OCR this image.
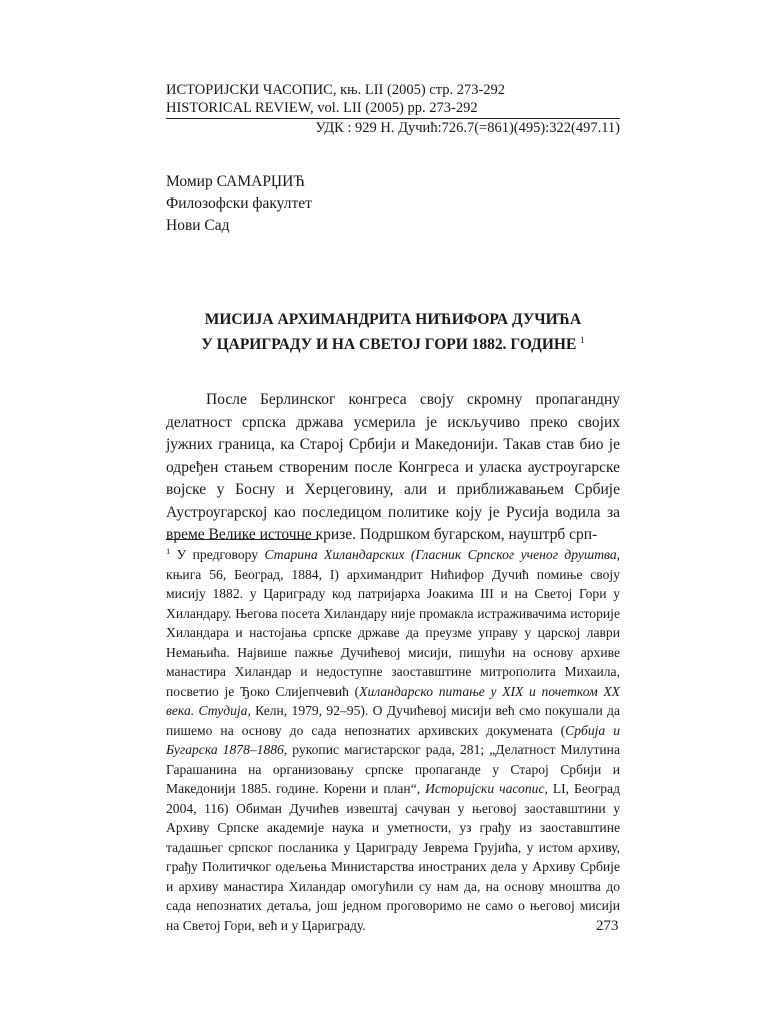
ИСТОРИЈСКИ ЧАСОПИС, књ. LII (2005) стр. 273-292
HISTORICAL REVIEW, vol. LII (2005) pp. 273-292
УДК : 929 Н. Дучић:726.7(=861)(495):322(497.11)
Момир САМАРЏИЋ
Филозофски факултет
Нови Сад
МИСИЈА АРХИМАНДРИТА НИЋИФОРА ДУЧИЋА
У ЦАРИГРАДУ И НА СВЕТОЈ ГОРИ 1882. ГОДИНЕ $^1$

После Берлинског конгреса своју скромну пропагандну делатност српска држава усмерила је искључиво преко својих јужних граница, ка Старој Србији и Македонији. Такав став био је одређен стањем створеним после Конгреса и уласка аустроугарске војске у Босну и Херцеговину, али и приближавањем Србије Аустроугарској као последицом политике коју је Русија водила за време Велике источне кризе. Подршком бугарском, науштрб срп-

$^1$ У предговору Старина Хиландарских (Гласник Српског ученог друштва, књига 56, Београд, 1884, I) архимандрит Нићифор Дучић помиње своју мисију 1882. у Цариграду код патријарха Јоакима III и на Светој Гори у Хиландару. Његова посета Хиландару није промакла истраживачима историје Хиландара и настојања српске државе да преузме управу у царској лаври Немањића. Највише пажње Дучићевој мисији, пишући на основу архиве манастира Хиландар и недоступне заоставштине митрополита Михаила, посветио је Ђоко Слијепчевић (Хиландарско питање у XIX и почетком XX века. Студија, Келн, 1979, 92–95). О Дучићевој мисији већ смо покушали да пишемо на основу до сада непознатих архивских докумената (Србија и Бугарска 1878–1886, рукопис магистарског рада, 281; „Делатност Милутина Гарашанина на организовању српске пропаганде у Старој Србији и Македонији 1885. године. Корени и план“, Историјски часопис, LI, Београд 2004, 116) Обиман Дучићев извештај сачуван у његовој заоставштини у Архиву Српске академије наука и уметности, уз грађу из заоставштине тадашњег српског посланика у Цариграду Јеврема Грујића, у истом архиву, грађу Политичког одељења Министарства иностраних дела у Архиву Србије и архиву манастира Хиландар омогућили су нам да, на основу мноштва до сада непознатих детаља, још једном проговоримо не само о његовој мисији на Светој Гори, већ и у Цариграду.	273
